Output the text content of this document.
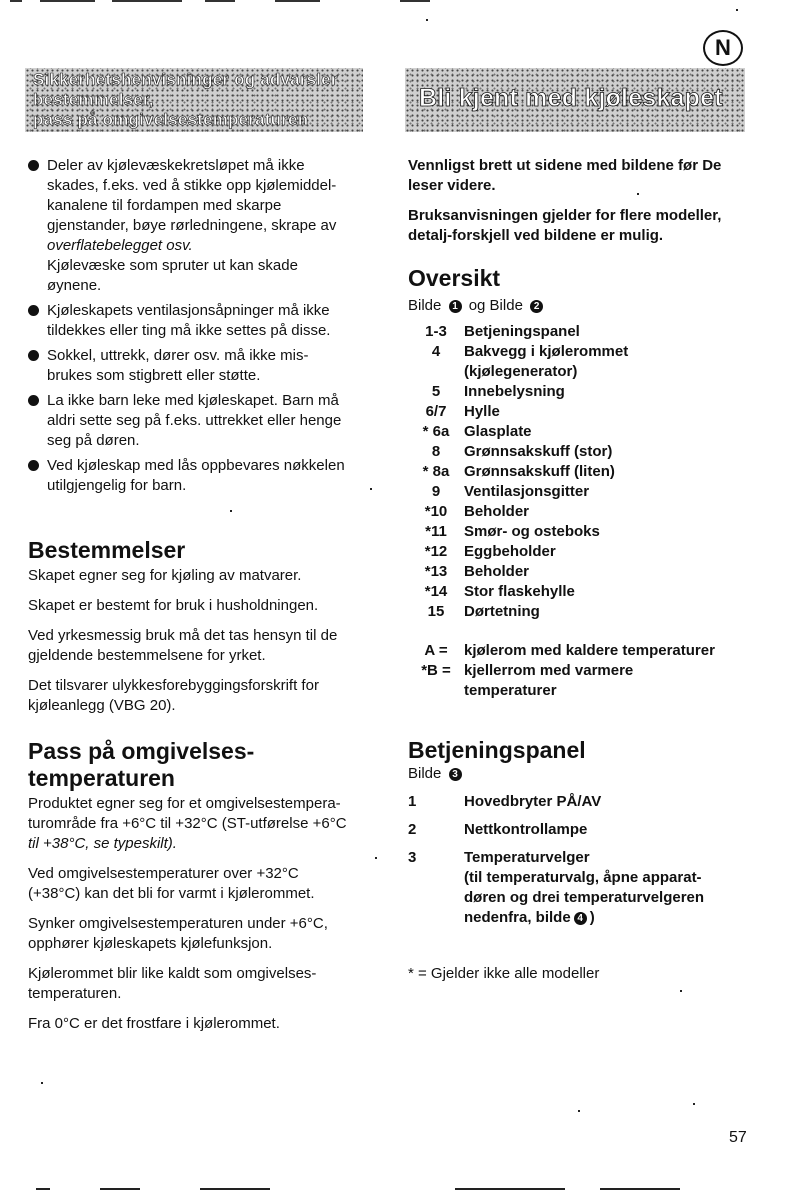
N
Sikkerhetshenvisninger og advarsler
bestemmelser,
pass på omgivelsestemperaturen
Bli kjent med kjøleskapet

Deler av kjølevæskekretsløpet må ikke

skades, f.eks. ved å stikke opp kjølemiddel-

kanalene til fordampen med skarpe

gjenstander, bøye rørledningene, skrape av

overflatebelegget osv.

Kjølevæske som spruter ut kan skade

øynene.

Kjøleskapets ventilasjonsåpninger må ikke

tildekkes eller ting må ikke settes på disse.

Sokkel, uttrekk, dører osv. må ikke mis-

brukes som stigbrett eller støtte.

La ikke barn leke med kjøleskapet. Barn må

aldri sette seg på f.eks. uttrekket eller henge

seg på døren.

Ved kjøleskap med lås oppbevares nøkkelen

utilgjengelig for barn.

Bestemmelser
Skapet egner seg for kjøling av matvarer.
Skapet er bestemt for bruk i husholdningen.
Ved yrkesmessig bruk må det tas hensyn til de
gjeldende bestemmelsene for yrket.
Det tilsvarer ulykkesforebyggingsforskrift for
kjøleanlegg (VBG 20).
Pass på omgivelses-
temperaturen
Produktet egner seg for et omgivelsestempera-
turområde fra +6°C til +32°C (ST-utførelse +6°C
til +38°C, se typeskilt).
Ved omgivelsestemperaturer over +32°C
(+38°C) kan det bli for varmt i kjølerommet.
Synker omgivelsestemperaturen under +6°C,
opphører kjøleskapets kjølefunksjon.
Kjølerommet blir like kaldt som omgivelses-
temperaturen.
Fra 0°C er det frostfare i kjølerommet.
Vennligst brett ut sidene med bildene før De
leser videre.
Bruksanvisningen gjelder for flere modeller,
detalj-forskjell ved bildene er mulig.
Oversikt
Bilde 1 og Bilde 2
1-3	Betjeningspanel
4	Bakvegg i kjølerommet
(kjølegenerator)
5	Innebelysning
6/7	Hylle
* 6a Glasplate
8	Grønnsakskuff (stor)
* 8a Grønnsakskuff (liten)
9	Ventilasjonsgitter
*10	Beholder
*11	Smør- og osteboks
*12	Eggbeholder
*13	Beholder
*14	Stor flaskehylle
15	Dørtetning
A =	kjølerom med kaldere temperaturer
*B = kjellerrom med varmere
temperaturer
Betjeningspanel
Bilde 3
1	Hovedbryter PÅ/AV
2	Nettkontrollampe
3	Temperaturvelger
(til temperaturvalg, åpne apparat-
døren og drei temperaturvelgeren
nedenfra, bilde 4 )
* = Gjelder ikke alle modeller
57
